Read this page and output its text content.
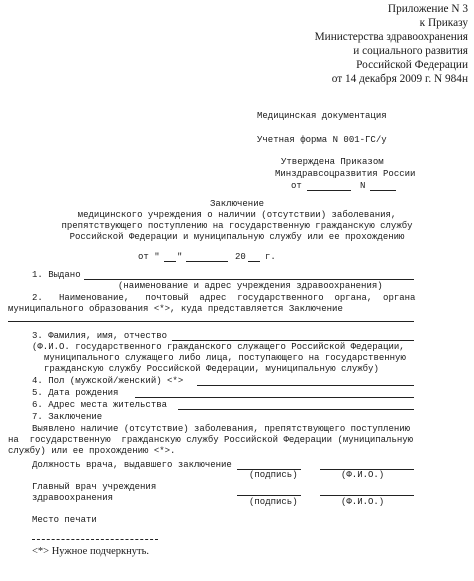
Приложение N 3
к Приказу
Министерства здравоохранения
и социального развития
Российской Федерации
от 14 декабря 2009 г. N 984н
Медицинская документация
Учетная форма N 001-ГС/у
Утверждена Приказом
Минздравсоцразвития России
от	N
Заключение
медицинского учреждения о наличии (отсутствии) заболевания,
препятствующего поступлению на государственную гражданскую службу
Российской Федерации и муниципальную службу или ее прохождению
от " "	20 г.
1. Выдано
(наименование и адрес учреждения здравоохранения)
2.   Наименование,   почтовый  адрес  государственного  органа,  органа
муниципального образования <*>, куда представляется Заключение
3. Фамилия, имя, отчество
(Ф.И.О. государственного гражданского служащего Российской Федерации,
муниципального служащего либо лица, поступающего на государственную
гражданскую службу Российской Федерации, муниципальную службу)
4. Пол (мужской/женский) <*>
5. Дата рождения
6. Адрес места жительства
7. Заключение
Выявлено наличие (отсутствие) заболевания, препятствующего поступлению
на  государственную  гражданскую службу Российской Федерации (муниципальную
службу) или ее прохождению <*>.
Должность врача, выдавшего заключение
(подпись)	(Ф.И.О.)
Главный врач учреждения
здравоохранения	(подпись)	(Ф.И.О.)
Место печати
<*> Нужное подчеркнуть.
